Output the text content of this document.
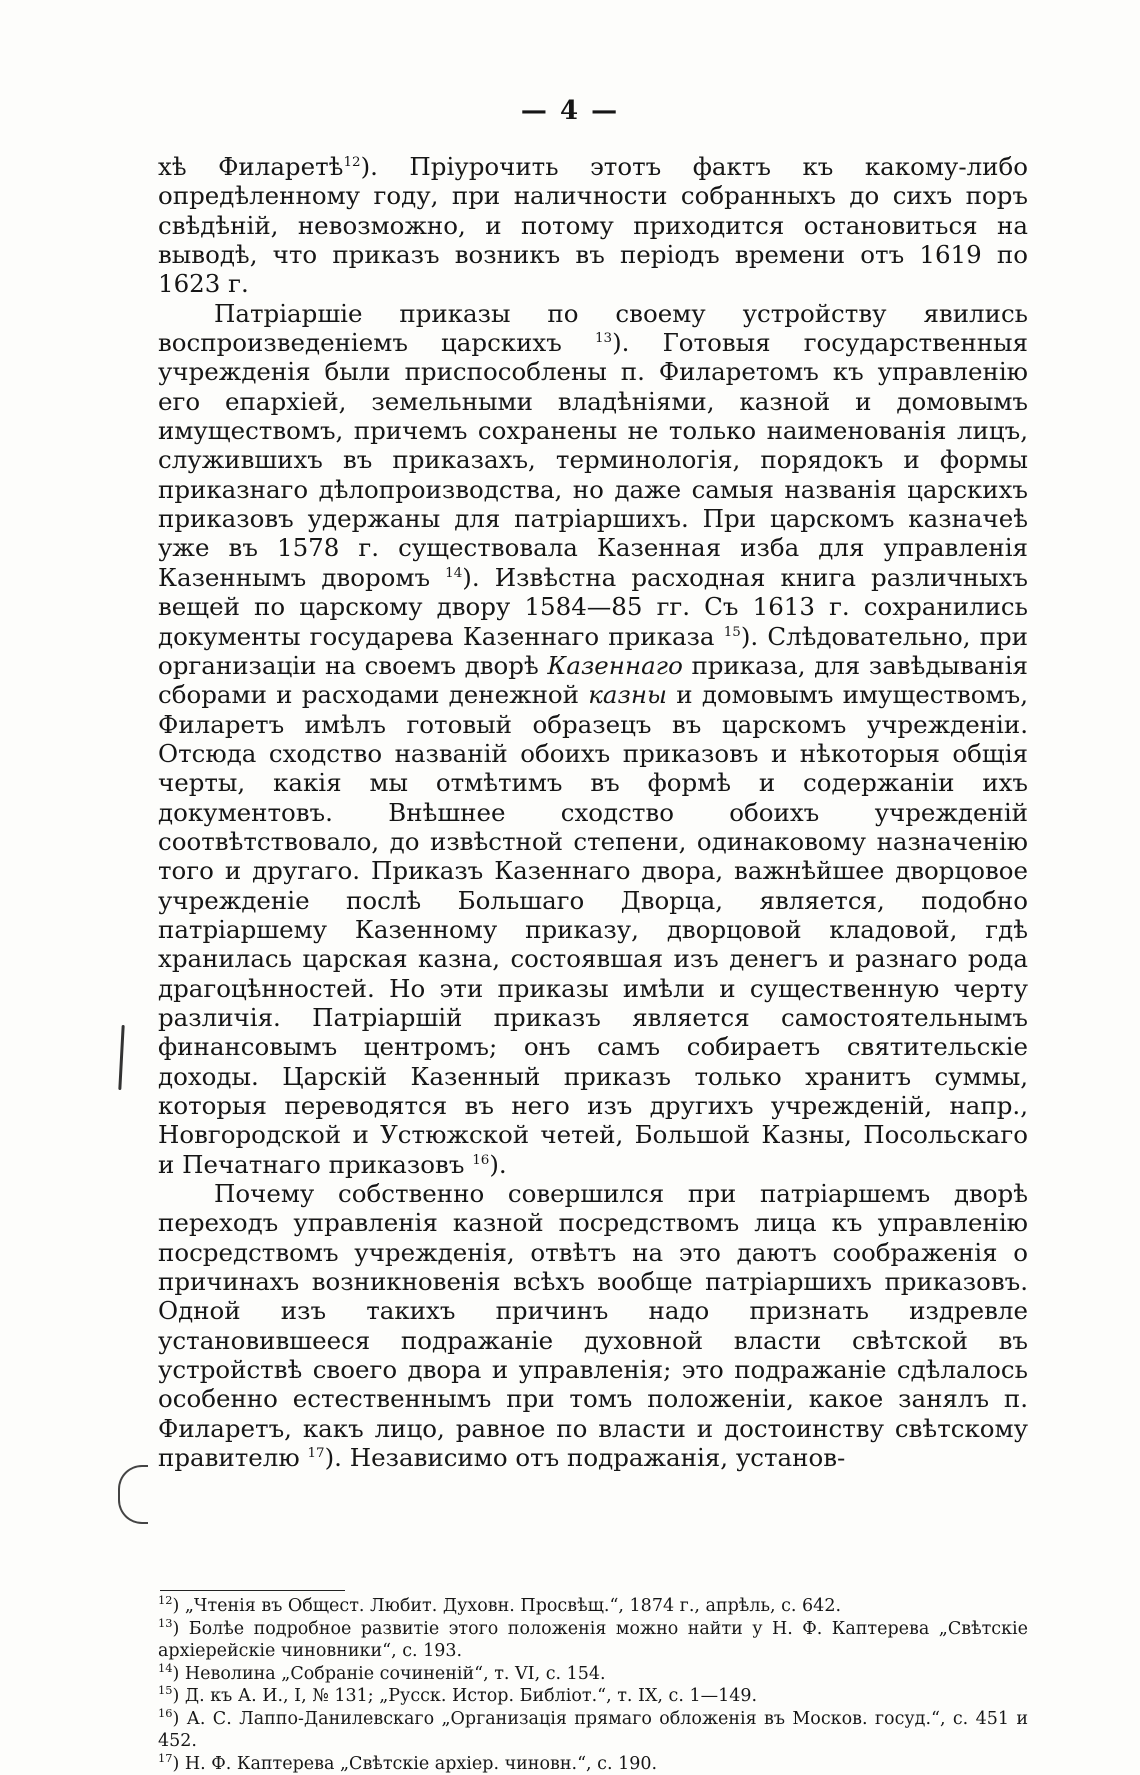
— 4 —

xѣ Филаретѣ$^{12}$). Пріурочить этотъ фактъ къ какому-либо опредѣленному году, при наличности собранныхъ до сихъ поръ свѣдѣній, невозможно, и потому приходится остановиться на выводѣ, что приказъ возникъ въ періодъ времени отъ 1619 по 1623 г.

Патріаршіе приказы по своему устройству явились воспроизведеніемъ царскихъ $^{13}$). Готовыя государственныя учрежденія были приспособлены п. Филаретомъ къ управленію его епархіей, земельными владѣніями, казной и домовымъ имуществомъ, причемъ сохранены не только наименованія лицъ, служившихъ въ приказахъ, терминологія, порядокъ и формы приказнаго дѣлопроизводства, но даже самыя названія царскихъ приказовъ удержаны для патріаршихъ. При царскомъ казначеѣ уже въ 1578 г. существовала Казенная изба для управленія Казеннымъ дворомъ $^{14}$). Извѣстна расходная книга различныхъ вещей по царскому двору 1584—85 гг. Съ 1613 г. сохранились документы государева Казеннаго приказа $^{15}$). Слѣдовательно, при организаціи на своемъ дворѣ Казеннаго приказа, для завѣдыванія сборами и расходами денежной казны и домовымъ имуществомъ, Филаретъ имѣлъ готовый образецъ въ царскомъ учрежденіи. Отсюда сходство названій обоихъ приказовъ и нѣкоторыя общія черты, какія мы отмѣтимъ въ формѣ и содержаніи ихъ документовъ. Внѣшнее сходство обоихъ учрежденій соотвѣтствовало, до извѣстной степени, одинаковому назначенію того и другаго. Приказъ Казеннаго двора, важнѣйшее дворцовое учрежденіе послѣ Большаго Дворца, является, подобно патріаршему Казенному приказу, дворцовой кладовой, гдѣ хранилась царская казна, состоявшая изъ денегъ и разнаго рода драгоцѣнностей. Но эти приказы имѣли и существенную черту различія. Патріаршій приказъ является самостоятельнымъ финансовымъ центромъ; онъ самъ собираетъ святительскіе доходы. Царскій Казенный приказъ только хранитъ суммы, которыя переводятся въ него изъ другихъ учрежденій, напр., Новгородской и Устюжской четей, Большой Казны, Посольскаго и Печатнаго приказовъ $^{16}$).

Почему собственно совершился при патріаршемъ дворѣ переходъ управленія казной посредствомъ лица къ управленію посредствомъ учрежденія, отвѣтъ на это даютъ соображенія о причинахъ возникновенія всѣхъ вообще патріаршихъ приказовъ. Одной изъ такихъ причинъ надо признать издревле установившееся подражаніе духовной власти свѣтской въ устройствѣ своего двора и управленія; это подражаніе сдѣлалось особенно естественнымъ при томъ положеніи, какое занялъ п. Филаретъ, какъ лицо, равное по власти и достоинству свѣтскому правителю $^{17}$). Независимо отъ подражанія, установ-

$^{12}$) „Чтенія въ Общест. Любит. Духовн. Просвѣщ.“, 1874 г., апрѣль, с. 642.

$^{13}$) Болѣе подробное развитіе этого положенія можно найти у Н. Ф. Каптерева „Свѣтскіе архіерейскіе чиновники“, с. 193.

$^{14}$) Неволина „Собраніе сочиненій“, т. VI, с. 154.

$^{15}$) Д. къ А. И., I, № 131; „Русск. Истор. Библіот.“, т. IX, с. 1—149.

$^{16}$) А. С. Лаппо-Данилевскаго „Организація прямаго обложенія въ Москов. госуд.“, с. 451 и 452.

$^{17}$) Н. Ф. Каптерева „Свѣтскіе архіер. чиновн.“, с. 190.
